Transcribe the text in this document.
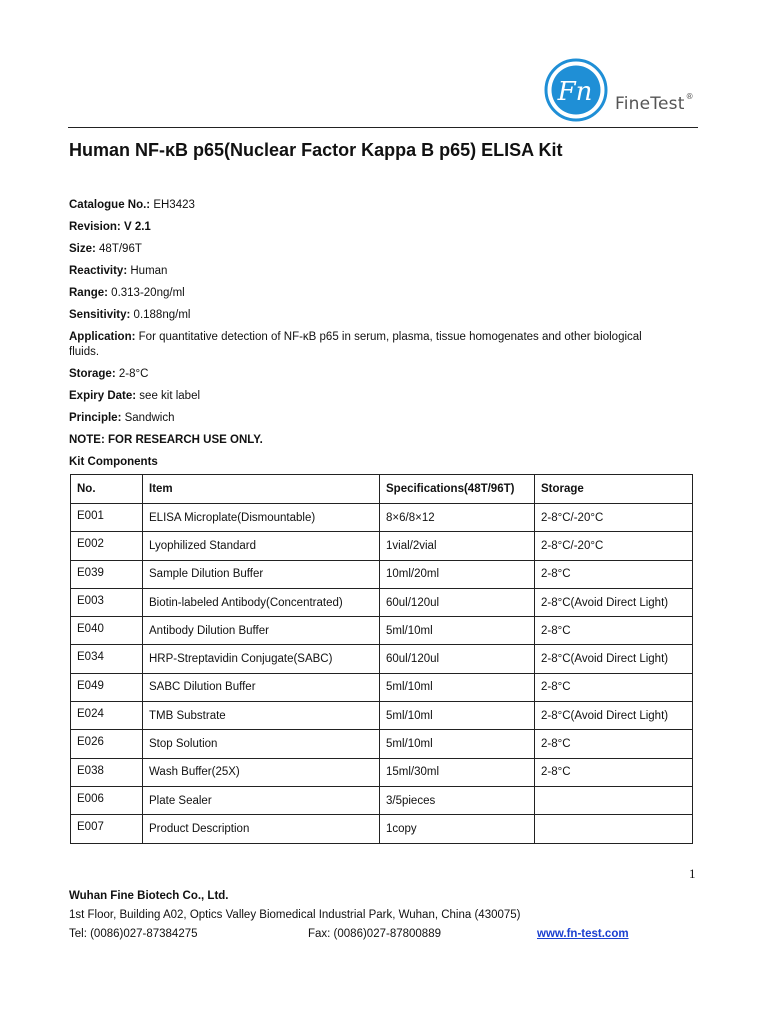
Fn FineTest®
Human NF-κB p65(Nuclear Factor Kappa B p65) ELISA Kit
Catalogue No.: EH3423
Revision: V 2.1
Size: 48T/96T
Reactivity: Human
Range: 0.313-20ng/ml
Sensitivity: 0.188ng/ml
Application: For quantitative detection of NF-κB p65 in serum, plasma, tissue homogenates and other biological fluids.
Storage: 2-8°C
Expiry Date: see kit label
Principle: Sandwich
NOTE: FOR RESEARCH USE ONLY.
Kit Components
No.	Item	Specifications(48T/96T)	Storage
E001	ELISA Microplate(Dismountable)	8×6/8×12	2-8°C/-20°C
E002	Lyophilized Standard	1vial/2vial	2-8°C/-20°C
E039	Sample Dilution Buffer	10ml/20ml	2-8°C
E003	Biotin-labeled Antibody(Concentrated)	60ul/120ul	2-8°C(Avoid Direct Light)
E040	Antibody Dilution Buffer	5ml/10ml	2-8°C
E034	HRP-Streptavidin Conjugate(SABC)	60ul/120ul	2-8°C(Avoid Direct Light)
E049	SABC Dilution Buffer	5ml/10ml	2-8°C
E024	TMB Substrate	5ml/10ml	2-8°C(Avoid Direct Light)
E026	Stop Solution	5ml/10ml	2-8°C
E038	Wash Buffer(25X)	15ml/30ml	2-8°C
E006	Plate Sealer	3/5pieces	
E007	Product Description	1copy	
1
Wuhan Fine Biotech Co., Ltd.
1st Floor, Building A02, Optics Valley Biomedical Industrial Park, Wuhan, China (430075)
Tel: (0086)027-87384275	Fax: (0086)027-87800889	www.fn-test.com
